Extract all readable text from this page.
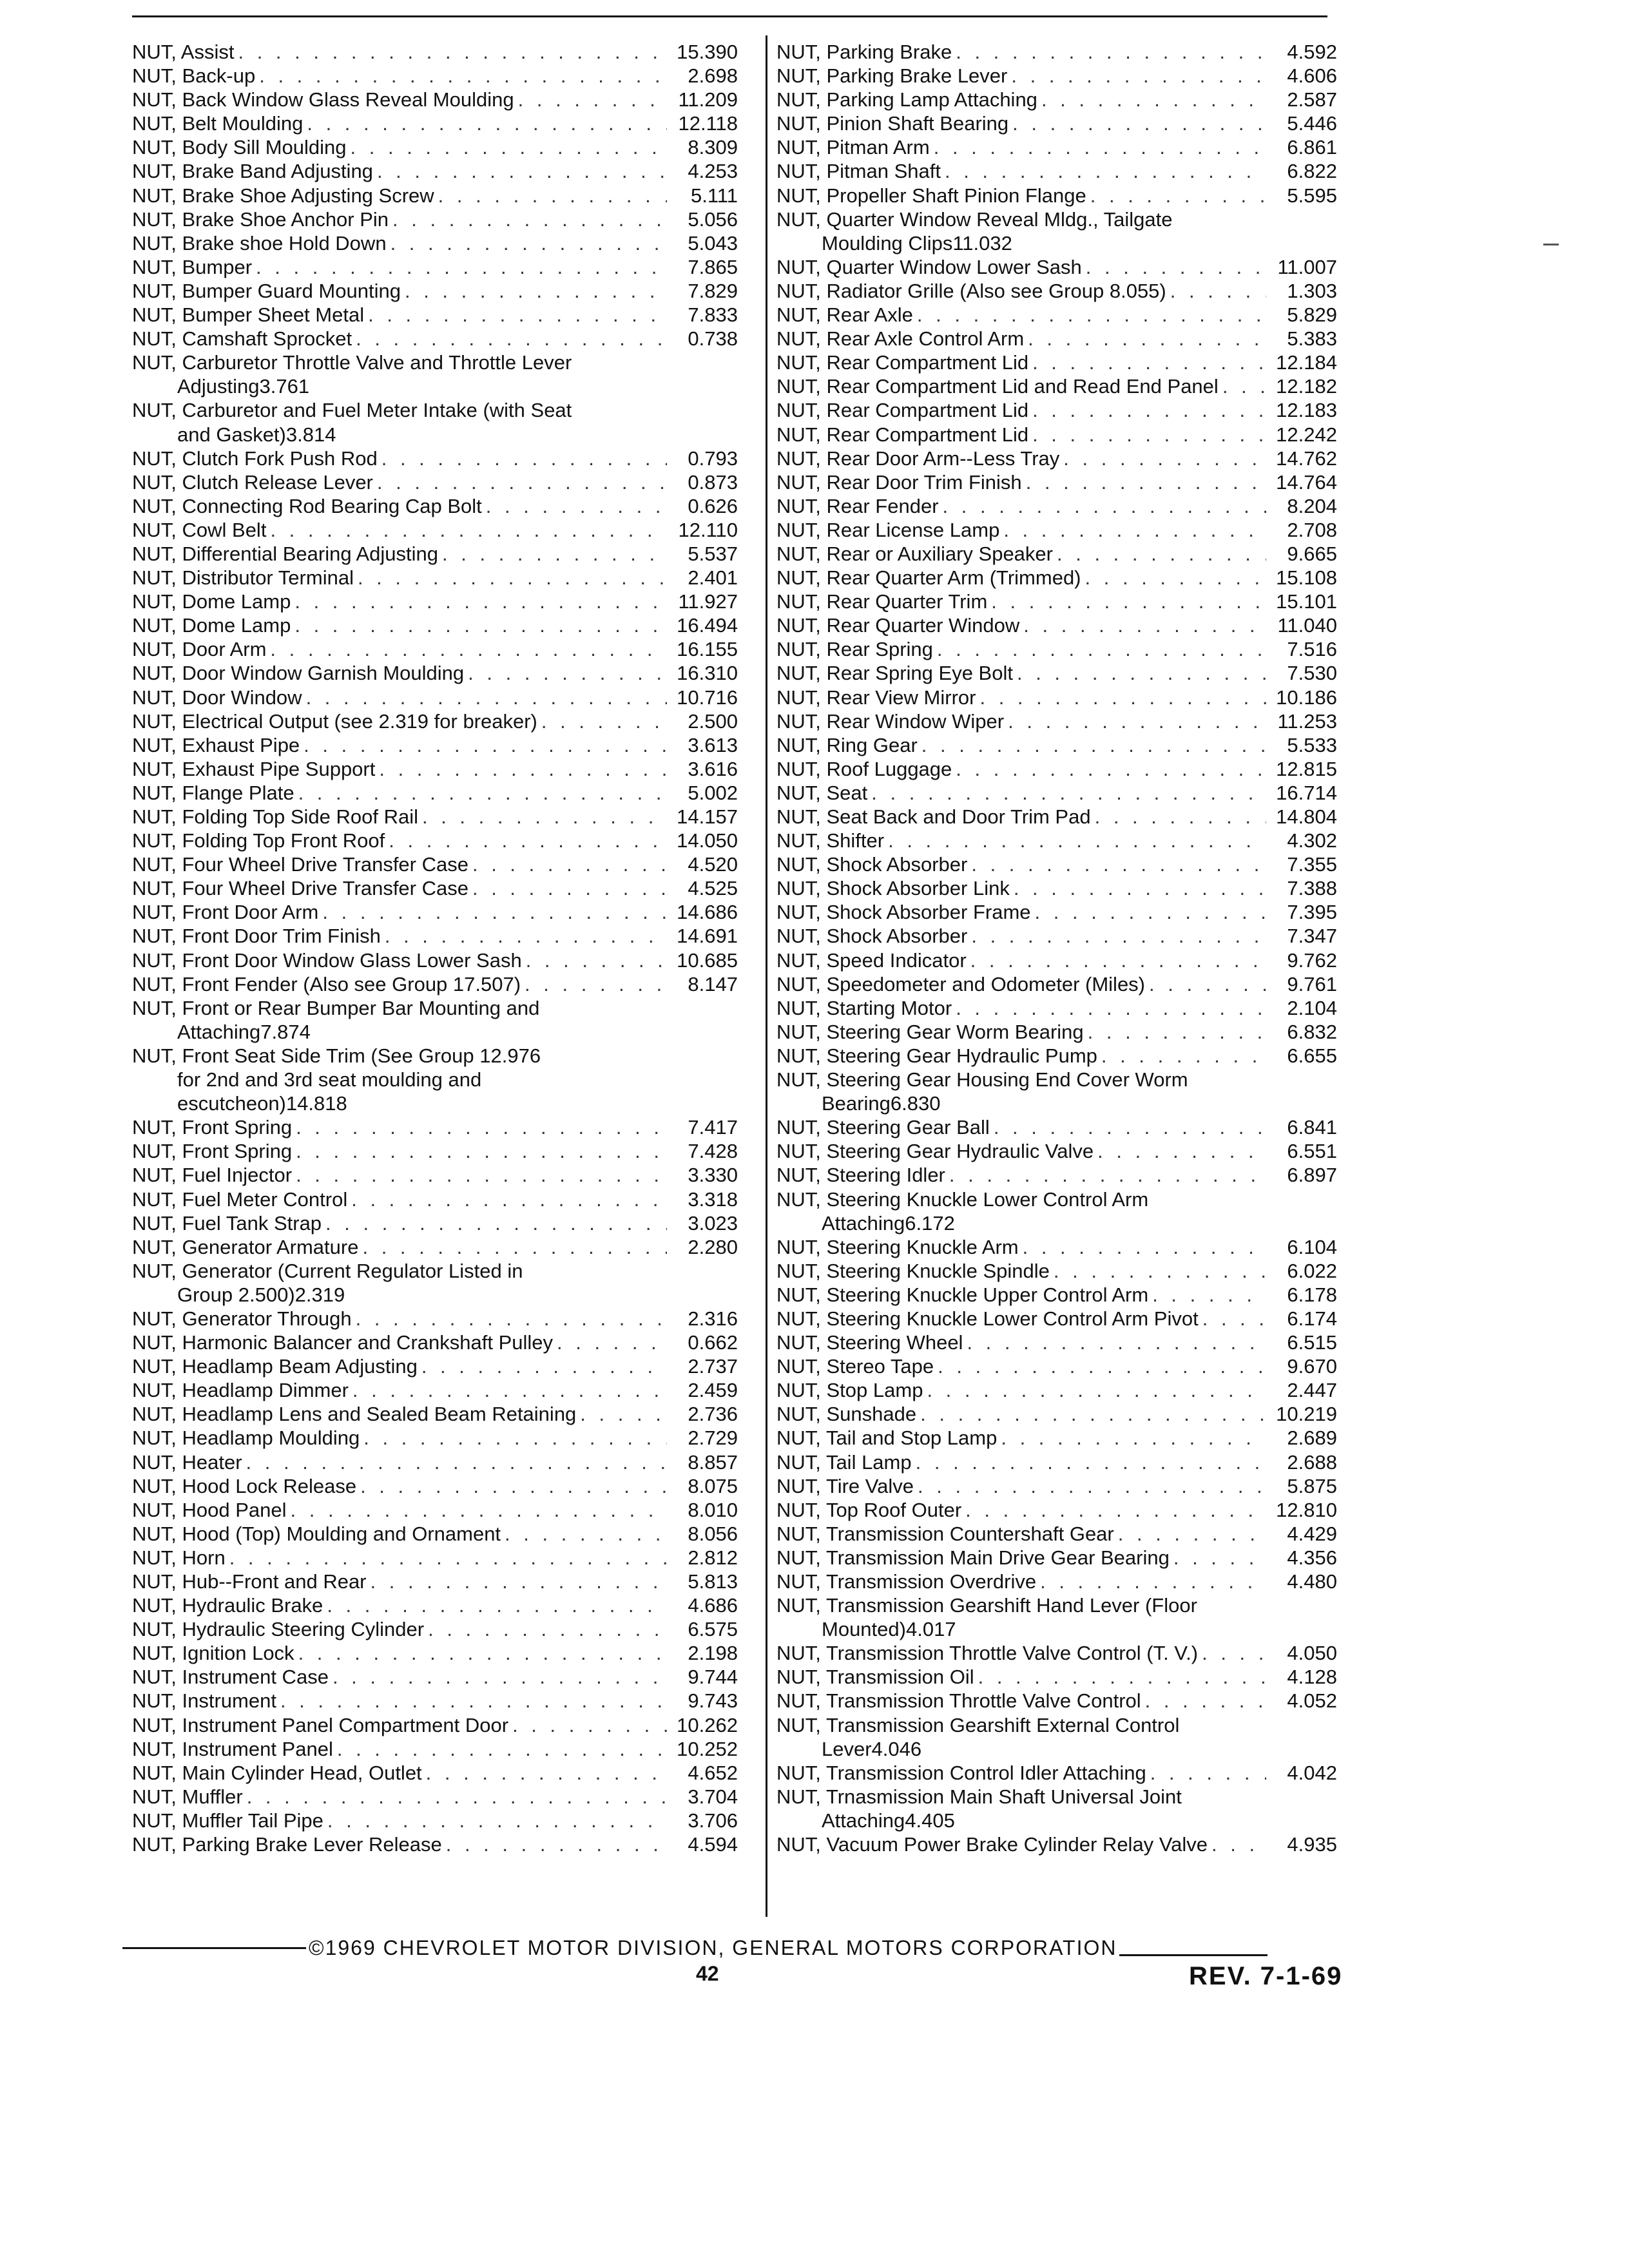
NUT, Assist . . .	15.390
NUT, Back-up . . .	2.698
NUT, Back Window Glass Reveal Moulding . . .	11.209
NUT, Belt Moulding . . .	12.118
NUT, Body Sill Moulding . . .	8.309
NUT, Brake Band Adjusting . . .	4.253
NUT, Brake Shoe Adjusting Screw . . .	5.111
NUT, Brake Shoe Anchor Pin . . .	5.056
NUT, Brake shoe Hold Down . . .	5.043
NUT, Bumper . . .	7.865
NUT, Bumper Guard Mounting . . .	7.829
NUT, Bumper Sheet Metal . . .	7.833
NUT, Camshaft Sprocket . . .	0.738
NUT, Carburetor Throttle Valve and Throttle Lever
Adjusting 3.761
NUT, Carburetor and Fuel Meter Intake (with Seat
and Gasket) 3.814
NUT, Clutch Fork Push Rod . . .	0.793
NUT, Clutch Release Lever . . .	0.873
NUT, Connecting Rod Bearing Cap Bolt . . .	0.626
NUT, Cowl Belt . . .	12.110
NUT, Differential Bearing Adjusting . . .	5.537
NUT, Distributor Terminal . . .	2.401
NUT, Dome Lamp . . .	11.927
NUT, Dome Lamp . . .	16.494
NUT, Door Arm . . .	16.155
NUT, Door Window Garnish Moulding . . .	16.310
NUT, Door Window . . .	10.716
NUT, Electrical Output (see 2.319 for breaker) . . .	2.500
NUT, Exhaust Pipe . . .	3.613
NUT, Exhaust Pipe Support . . .	3.616
NUT, Flange Plate . . .	5.002
NUT, Folding Top Side Roof Rail . . .	14.157
NUT, Folding Top Front Roof . . .	14.050
NUT, Four Wheel Drive Transfer Case . . .	4.520
NUT, Four Wheel Drive Transfer Case . . .	4.525
NUT, Front Door Arm . . .	14.686
NUT, Front Door Trim Finish . . .	14.691
NUT, Front Door Window Glass Lower Sash . . .	10.685
NUT, Front Fender (Also see Group 17.507) . . .	8.147
NUT, Front or Rear Bumper Bar Mounting and
Attaching 7.874
NUT, Front Seat Side Trim (See Group 12.976
for 2nd and 3rd seat moulding and
escutcheon) 14.818
NUT, Front Spring . . .	7.417
NUT, Front Spring . . .	7.428
NUT, Fuel Injector . . .	3.330
NUT, Fuel Meter Control . . .	3.318
NUT, Fuel Tank Strap . . .	3.023
NUT, Generator Armature . . .	2.280
NUT, Generator (Current Regulator Listed in
Group 2.500) 2.319
NUT, Generator Through . . .	2.316
NUT, Harmonic Balancer and Crankshaft Pulley . . .	0.662
NUT, Headlamp Beam Adjusting . . .	2.737
NUT, Headlamp Dimmer . . .	2.459
NUT, Headlamp Lens and Sealed Beam Retaining . . .	2.736
NUT, Headlamp Moulding . . .	2.729
NUT, Heater . . .	8.857
NUT, Hood Lock Release . . .	8.075
NUT, Hood Panel . . .	8.010
NUT, Hood (Top) Moulding and Ornament . . .	8.056
NUT, Horn . . .	2.812
NUT, Hub--Front and Rear . . .	5.813
NUT, Hydraulic Brake . . .	4.686
NUT, Hydraulic Steering Cylinder . . .	6.575
NUT, Ignition Lock . . .	2.198
NUT, Instrument Case . . .	9.744
NUT, Instrument . . .	9.743
NUT, Instrument Panel Compartment Door . . .	10.262
NUT, Instrument Panel . . .	10.252
NUT, Main Cylinder Head, Outlet . . .	4.652
NUT, Muffler . . .	3.704
NUT, Muffler Tail Pipe . . .	3.706
NUT, Parking Brake Lever Release . . .	4.594
NUT, Parking Brake . . .	4.592
NUT, Parking Brake Lever . . .	4.606
NUT, Parking Lamp Attaching . . .	2.587
NUT, Pinion Shaft Bearing . . .	5.446
NUT, Pitman Arm . . .	6.861
NUT, Pitman Shaft . . .	6.822
NUT, Propeller Shaft Pinion Flange . . .	5.595
NUT, Quarter Window Reveal Mldg., Tailgate
Moulding Clips 11.032
NUT, Quarter Window Lower Sash . . .	11.007
NUT, Radiator Grille (Also see Group 8.055) . . .	1.303
NUT, Rear Axle . . .	5.829
NUT, Rear Axle Control Arm . . .	5.383
NUT, Rear Compartment Lid . . .	12.184
NUT, Rear Compartment Lid and Read End Panel . . .	12.182
NUT, Rear Compartment Lid . . .	12.183
NUT, Rear Compartment Lid . . .	12.242
NUT, Rear Door Arm--Less Tray . . .	14.762
NUT, Rear Door Trim Finish . . .	14.764
NUT, Rear Fender . . .	8.204
NUT, Rear License Lamp . . .	2.708
NUT, Rear or Auxiliary Speaker . . .	9.665
NUT, Rear Quarter Arm (Trimmed) . . .	15.108
NUT, Rear Quarter Trim . . .	15.101
NUT, Rear Quarter Window . . .	11.040
NUT, Rear Spring . . .	7.516
NUT, Rear Spring Eye Bolt . . .	7.530
NUT, Rear View Mirror . . .	10.186
NUT, Rear Window Wiper . . .	11.253
NUT, Ring Gear . . .	5.533
NUT, Roof Luggage . . .	12.815
NUT, Seat . . .	16.714
NUT, Seat Back and Door Trim Pad . . .	14.804
NUT, Shifter . . .	4.302
NUT, Shock Absorber . . .	7.355
NUT, Shock Absorber Link . . .	7.388
NUT, Shock Absorber Frame . . .	7.395
NUT, Shock Absorber . . .	7.347
NUT, Speed Indicator . . .	9.762
NUT, Speedometer and Odometer (Miles) . . .	9.761
NUT, Starting Motor . . .	2.104
NUT, Steering Gear Worm Bearing . . .	6.832
NUT, Steering Gear Hydraulic Pump . . .	6.655
NUT, Steering Gear Housing End Cover Worm
Bearing 6.830
NUT, Steering Gear Ball . . .	6.841
NUT, Steering Gear Hydraulic Valve . . .	6.551
NUT, Steering Idler . . .	6.897
NUT, Steering Knuckle Lower Control Arm
Attaching 6.172
NUT, Steering Knuckle Arm . . .	6.104
NUT, Steering Knuckle Spindle . . .	6.022
NUT, Steering Knuckle Upper Control Arm . . .	6.178
NUT, Steering Knuckle Lower Control Arm Pivot . . .	6.174
NUT, Steering Wheel . . .	6.515
NUT, Stereo Tape . . .	9.670
NUT, Stop Lamp . . .	2.447
NUT, Sunshade . . .	10.219
NUT, Tail and Stop Lamp . . .	2.689
NUT, Tail Lamp . . .	2.688
NUT, Tire Valve . . .	5.875
NUT, Top Roof Outer . . .	12.810
NUT, Transmission Countershaft Gear . . .	4.429
NUT, Transmission Main Drive Gear Bearing . . .	4.356
NUT, Transmission Overdrive . . .	4.480
NUT, Transmission Gearshift Hand Lever (Floor
Mounted) 4.017
NUT, Transmission Throttle Valve Control (T. V.) . . .	4.050
NUT, Transmission Oil . . .	4.128
NUT, Transmission Throttle Valve Control . . .	4.052
NUT, Transmission Gearshift External Control
Lever 4.046
NUT, Transmission Control Idler Attaching . . .	4.042
NUT, Trnasmission Main Shaft Universal Joint
Attaching 4.405
NUT, Vacuum Power Brake Cylinder Relay Valve . . .	4.935
©1969 CHEVROLET MOTOR DIVISION, GENERAL MOTORS CORPORATION
42	REV. 7-1-69
